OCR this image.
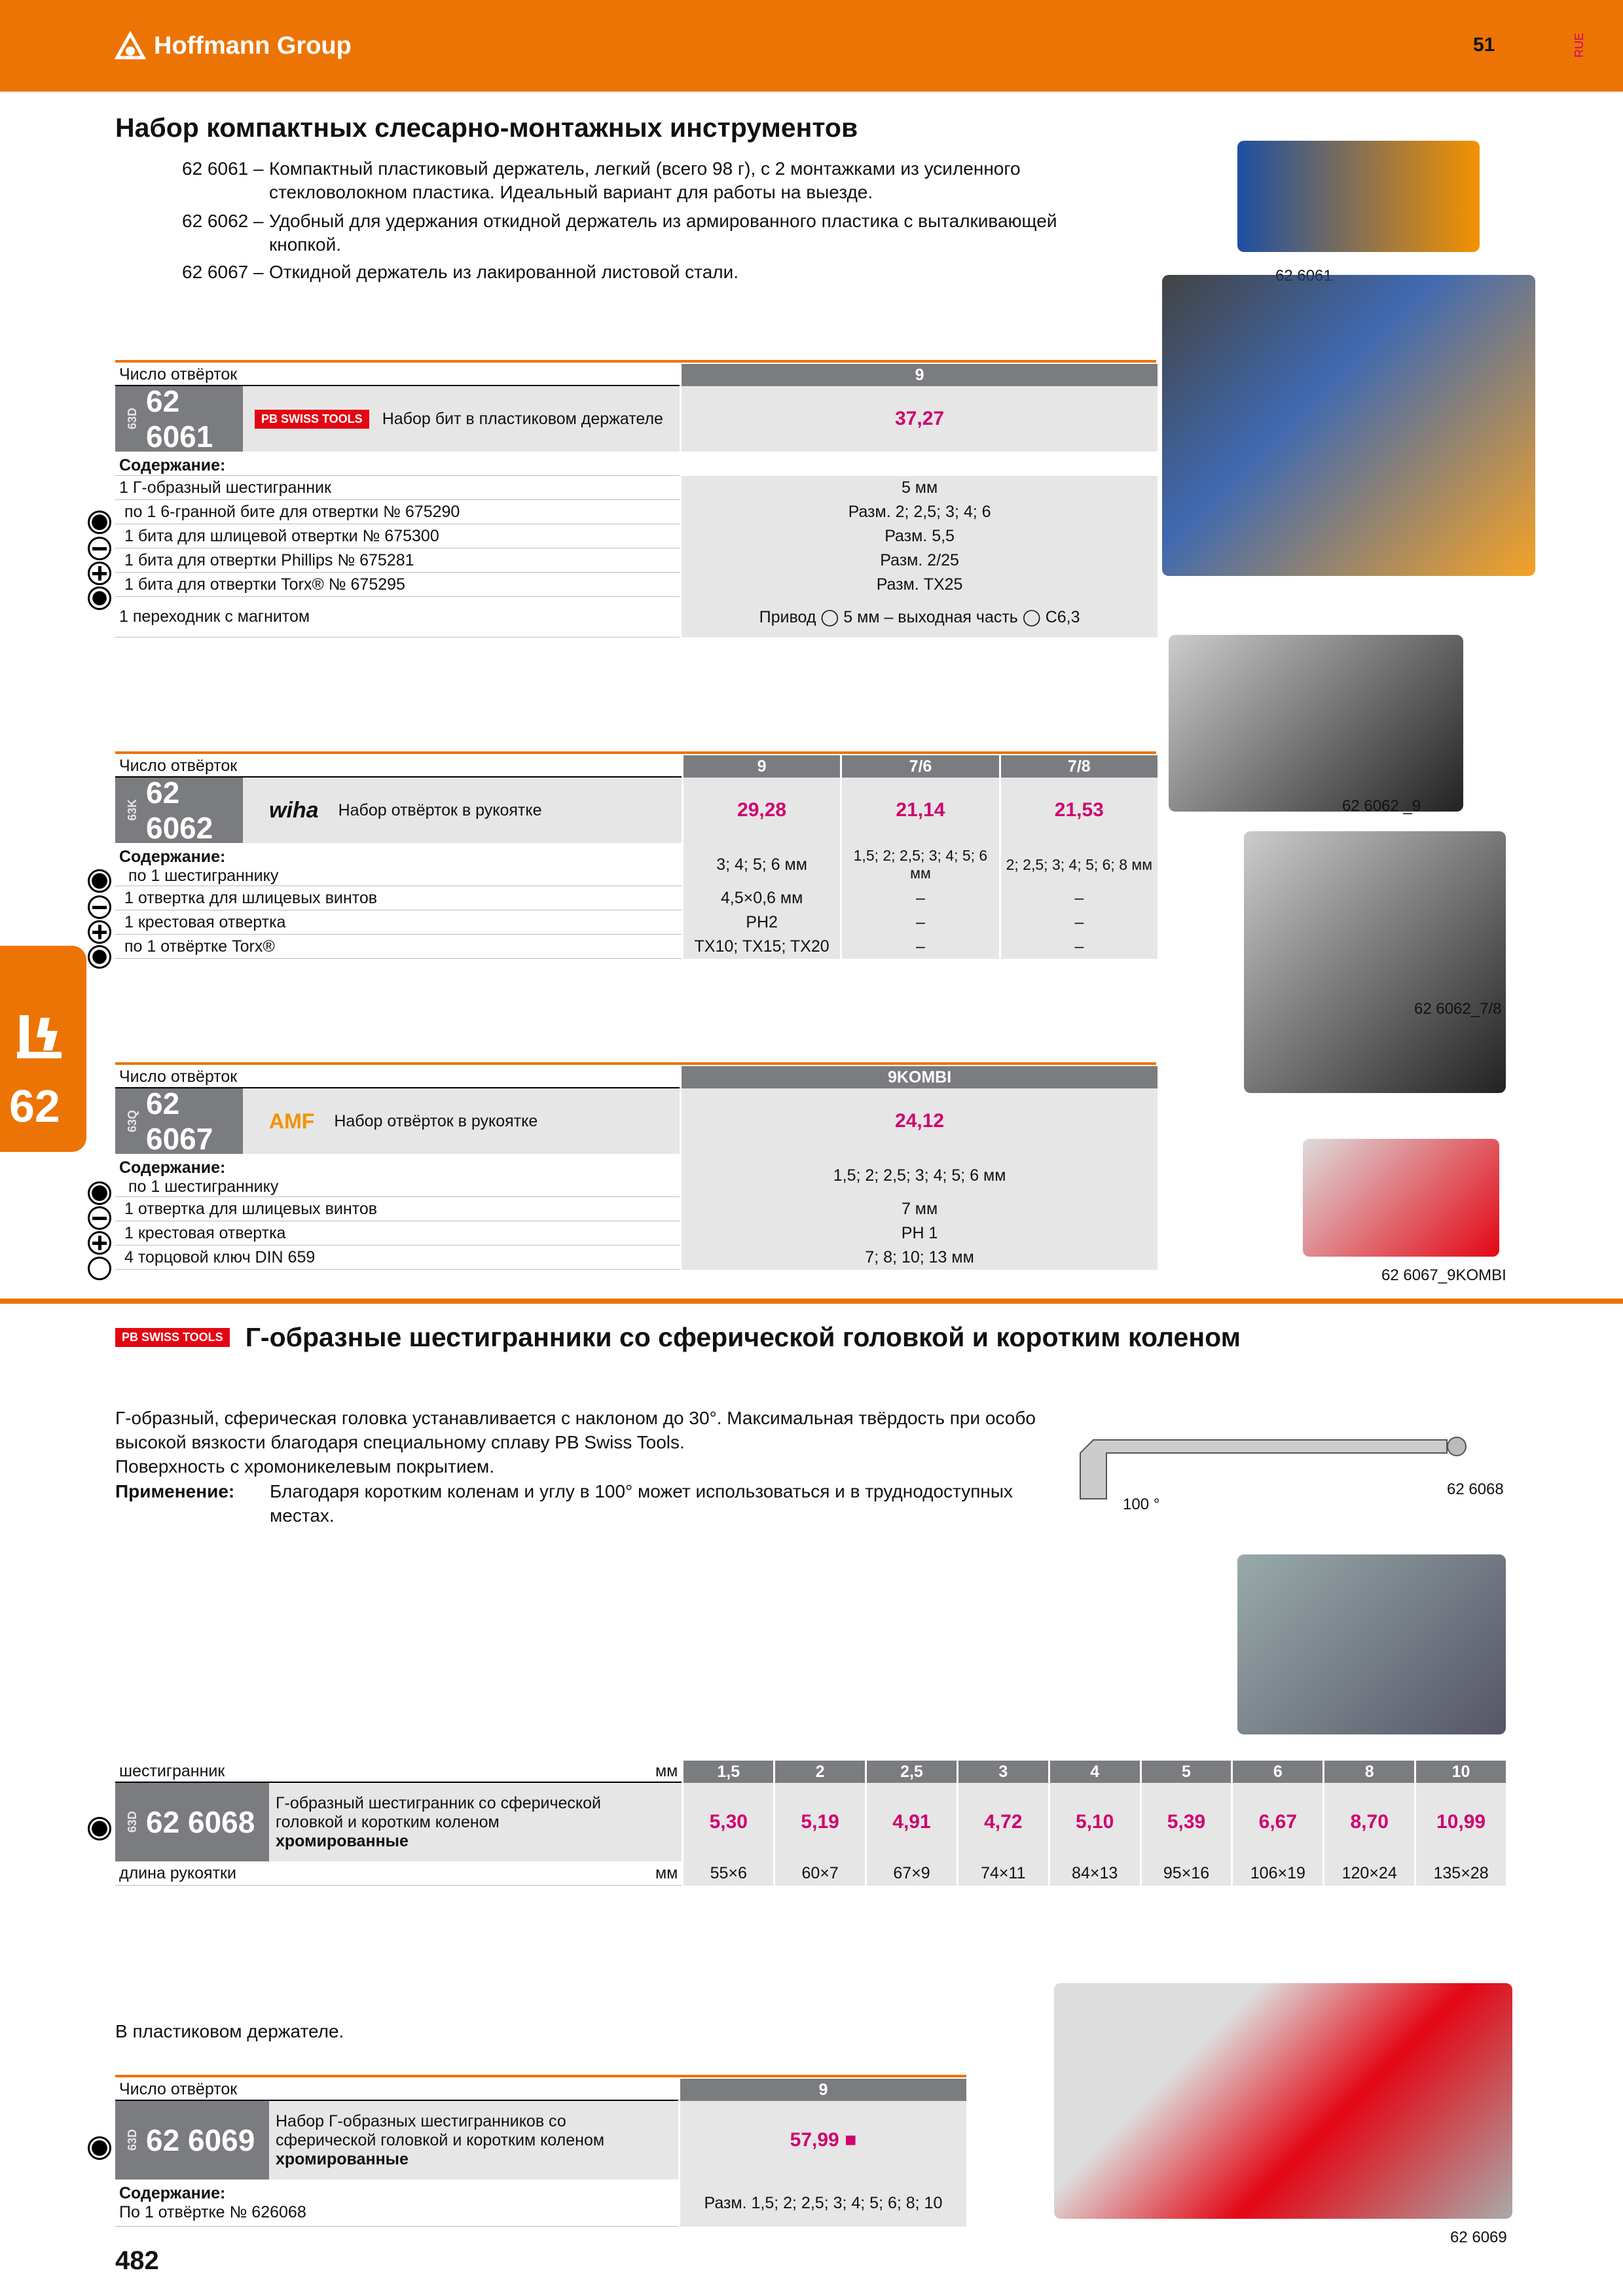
Hoffmann Group	51	RUE
62
Набор компактных слесарно-монтажных инструментов
62 6061 – Компактный пластиковый держатель, легкий (всего 98 г), с 2 монтажками из усиленного стекловолокном пластика. Идеальный вариант для работы на выезде.
62 6062 – Удобный для удержания откидной держатель из армированного пластика с выталкивающей кнопкой.
62 6067 – Откидной держатель из лакированной листовой стали.
62 6062 _9
62 6062_7/8
62 6067_9KOMBI
Число отвёрток	9

63D
62 6061
PB SWISS TOOLS Набор бит в пластиковом держателе	37,27
Содержание:	
1 Г-образный шестигранник	5 мм
по 1 6-гранной бите для отвертки № 675290	Разм. 2; 2,5; 3; 4; 6
1 бита для шлицевой отвертки № 675300	Разм. 5,5
1 бита для отвертки Phillips № 675281	Разм. 2/25
1 бита для отвертки Torx® № 675295	Разм. TX25
1 переходник с магнитом	Привод ◯ 5 мм – выходная часть ◯ C6,3
Число отвёрток	9	7/6	7/8

63K
62 6062
wiha Набор отвёрток в рукоятке	29,28	21,14	21,53
Содержание:
по 1 шестиграннику	3; 4; 5; 6 мм	1,5; 2; 2,5; 3; 4; 5; 6 мм	2; 2,5; 3; 4; 5; 6; 8 мм
1 отвертка для шлицевых винтов	4,5×0,6 мм	–	–
1 крестовая отвертка	PH2	–	–
по 1 отвёртке Torx®	TX10; TX15; TX20	–	–
Число отвёрток	9KOMBI

63Q
62 6067
AMF Набор отвёрток в рукоятке	24,12
Содержание:
по 1 шестиграннику	1,5; 2; 2,5; 3; 4; 5; 6 мм
1 отвертка для шлицевых винтов	7 мм
1 крестовая отвертка	PH 1
4 торцовой ключ DIN 659	7; 8; 10; 13 мм
PB SWISS TOOLS Г-образные шестигранники со сферической головкой и коротким коленом
Г-образный, сферическая головка устанавливается с наклоном до 30°. Максимальная твёрдость при особо высокой вязкости благодаря специальному сплаву PB Swiss Tools.
Поверхность с хромоникелевым покрытием.
Применение:	Благодаря коротким коленам и углу в 100° может использоваться и в труднодоступных местах.
100 °
62 6068
шестигранник мм	1,5	2	2,5	3	4	5	6	8	10

63D 62 6068
Г-образный шестигранник со сферической головкой и коротким коленом
хромированные	5,30	5,19	4,91	4,72	5,10	5,39	6,67	8,70	10,99
длина рукоятки мм	55×6	60×7	67×9	74×11	84×13	95×16	106×19	120×24	135×28
В пластиковом держателе.
Число отвёрток	9

63D 62 6069
Набор Г-образных шестигранников со сферической головкой и коротким коленом
хромированные	57,99 ■
Содержание:
По 1 отвёртке № 626068	Разм. 1,5; 2; 2,5; 3; 4; 5; 6; 8; 10
62 6069
482
